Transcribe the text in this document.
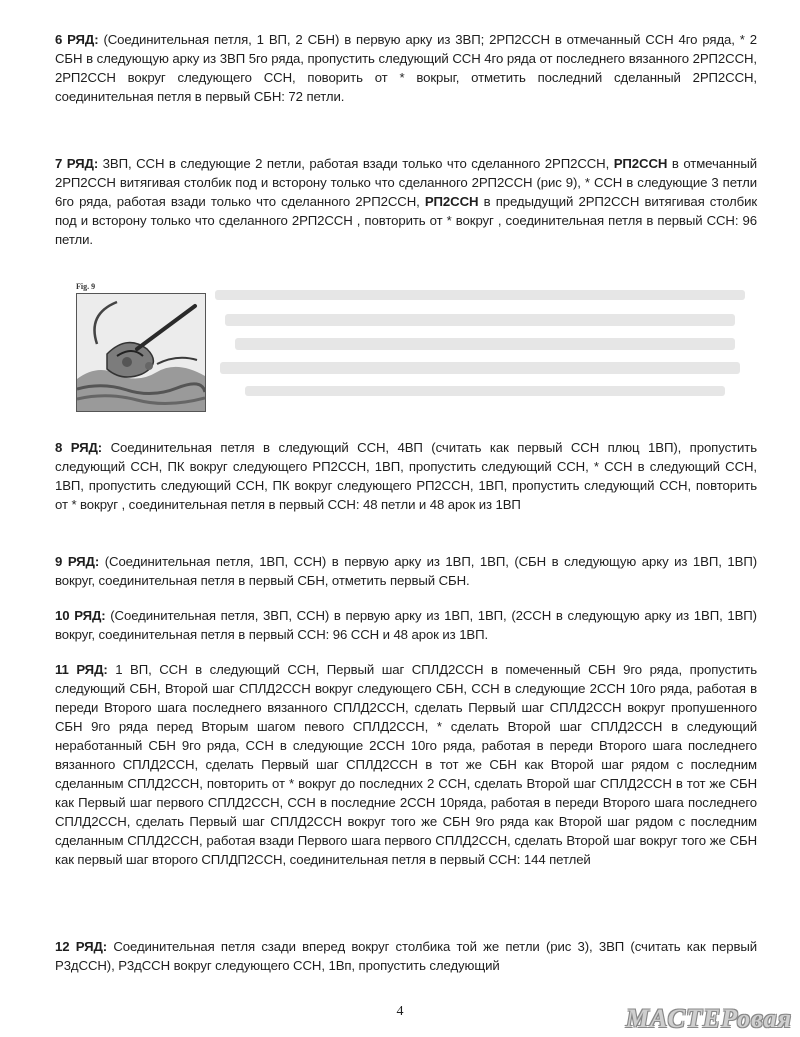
6 РЯД: (Соединительная петля, 1 ВП, 2 СБН) в первую арку из 3ВП; 2РП2ССН в отмечанный ССН 4го ряда, * 2 СБН в следующую арку из 3ВП 5го ряда, пропустить следующий ССН 4го ряда от последнего вязанного 2РП2ССН, 2РП2ССН вокруг следующего ССН, поворить от * вокрыг, отметить последний сделанный 2РП2ССН, соединительная петля в первый СБН: 72 петли.

7 РЯД: 3ВП, ССН в следующие 2 петли, работая взади только что сделанного 2РП2ССН, РП2ССН в отмечанный 2РП2ССН витягивая столбик под и всторону только что сделанного 2РП2ССН (рис 9), * ССН в следующие 3 петли 6го ряда, работая взади только что сделанного 2РП2ССН, РП2ССН в предыдущий 2РП2ССН витягивая столбик под и всторону только что сделанного 2РП2ССН , повторить от * вокруг , соединительная петля в первый ССН: 96 петли.

Fig. 9

8 РЯД: Соединительная петля в следующий ССН, 4ВП (считать как первый ССН плюц 1ВП), пропустить следующий ССН, ПК вокруг следующего РП2ССН, 1ВП, пропустить следующий ССН, * ССН в следующий ССН, 1ВП, пропустить следующий ССН, ПК вокруг следующего РП2ССН, 1ВП, пропустить следующий ССН, повторить от * вокруг , соединительная петля в первый ССН: 48 петли и 48 арок из 1ВП

9 РЯД: (Соединительная петля, 1ВП, ССН) в первую арку из 1ВП, 1ВП, (СБН в следующую арку из 1ВП, 1ВП) вокруг, соединительная петля в первый СБН, отметить первый СБН.

10 РЯД: (Соединительная петля, 3ВП, ССН) в первую арку из 1ВП, 1ВП, (2ССН в следующую арку из 1ВП, 1ВП) вокруг, соединительная петля в первый ССН: 96 ССН и 48 арок из 1ВП.

11 РЯД: 1 ВП, ССН в следующий ССН, Первый шаг СПЛД2ССН в помеченный СБН 9го ряда, пропустить следующий СБН, Второй шаг СПЛД2ССН вокруг следующего СБН, ССН в следующие 2ССН 10го ряда, работая в переди Второго шага последнего вязанного СПЛД2ССН, сделать Первый шаг СПЛД2ССН вокруг пропушенного СБН 9го ряда перед Вторым шагом певого СПЛД2ССН, * сделать Второй шаг СПЛД2ССН в следующий неработанный СБН 9го ряда, ССН в следующие 2ССН 10го ряда, работая в переди Второго шага последнего вязанного СПЛД2ССН, сделать Первый шаг СПЛД2ССН в тот же СБН как Второй шаг рядом с последним сделанным СПЛД2ССН, повторить от * вокруг до последних 2 ССН, сделать Второй шаг СПЛД2ССН в тот же СБН как Первый шаг первого СПЛД2ССН, ССН в последние 2ССН 10ряда, работая в переди Второго шага последнего СПЛД2ССН, сделать Первый шаг СПЛД2ССН вокруг того же СБН 9го ряда как Второй шаг рядом с последним сделанным СПЛД2ССН, работая взади Первого шага первого СПЛД2ССН, сделать Второй шаг вокруг того же СБН как первый шаг второго СПЛДП2ССН, соединительная петля в первый ССН: 144 петлей

12 РЯД: Соединительная петля сзади вперед вокруг столбика той же петли (рис 3), 3ВП (считать как первый Р3дССН), Р3дССН вокруг следующего ССН, 1Вп, пропустить следующий

4	МАСТЕРовая
